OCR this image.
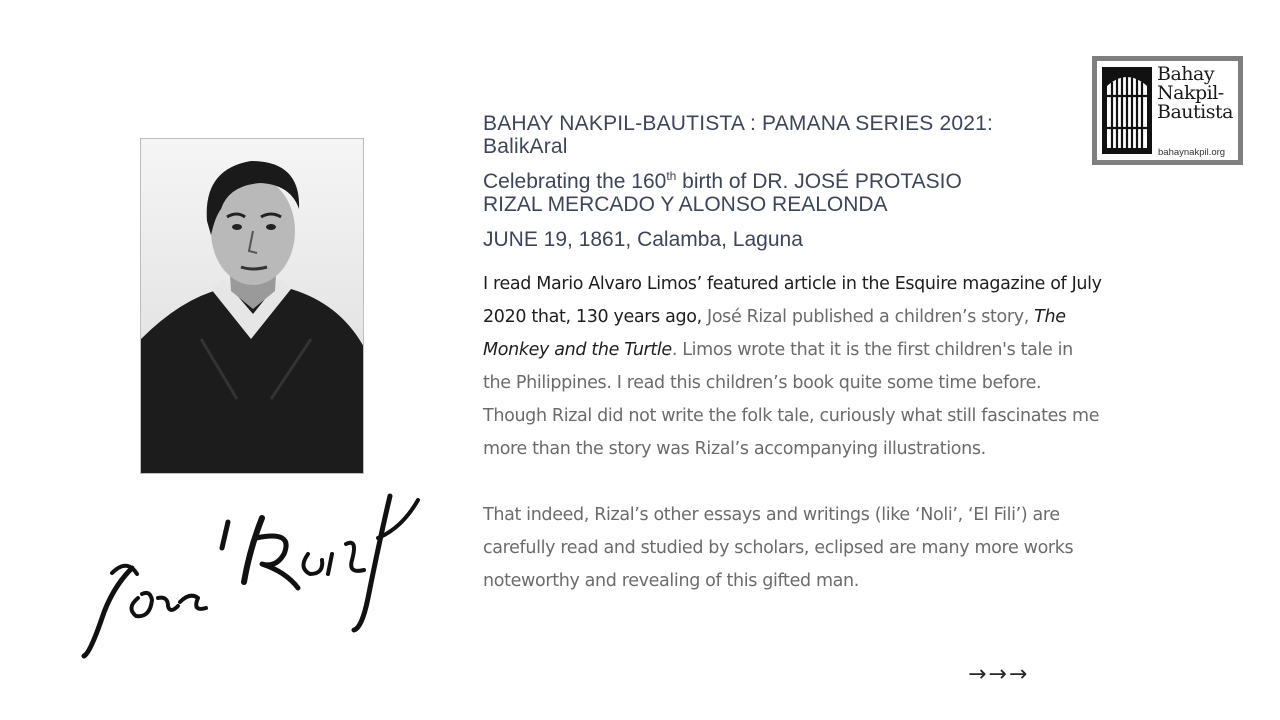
Bahay
Nakpil-
Bautista
bahaynakpil.org
BAHAY NAKPIL-BAUTISTA : PAMANA SERIES 2021:
BalikAral
Celebrating the 160th birth of DR. JOSÉ PROTASIO
RIZAL MERCADO Y ALONSO REALONDA
JUNE 19, 1861, Calamba, Laguna
I read Mario Alvaro Limos’ featured article in the Esquire magazine of July 2020 that, 130 years ago, José Rizal published a children’s story, The Monkey and the Turtle. Limos wrote that it is the first children's tale in the Philippines. I read this children’s book quite some time before. Though Rizal did not write the folk tale, curiously what still fascinates me more than the story was Rizal’s accompanying illustrations.
That indeed, Rizal’s other essays and writings (like ‘Noli’, ‘El Fili’) are carefully read and studied by scholars, eclipsed are many more works noteworthy and revealing of this gifted man.
→→→
